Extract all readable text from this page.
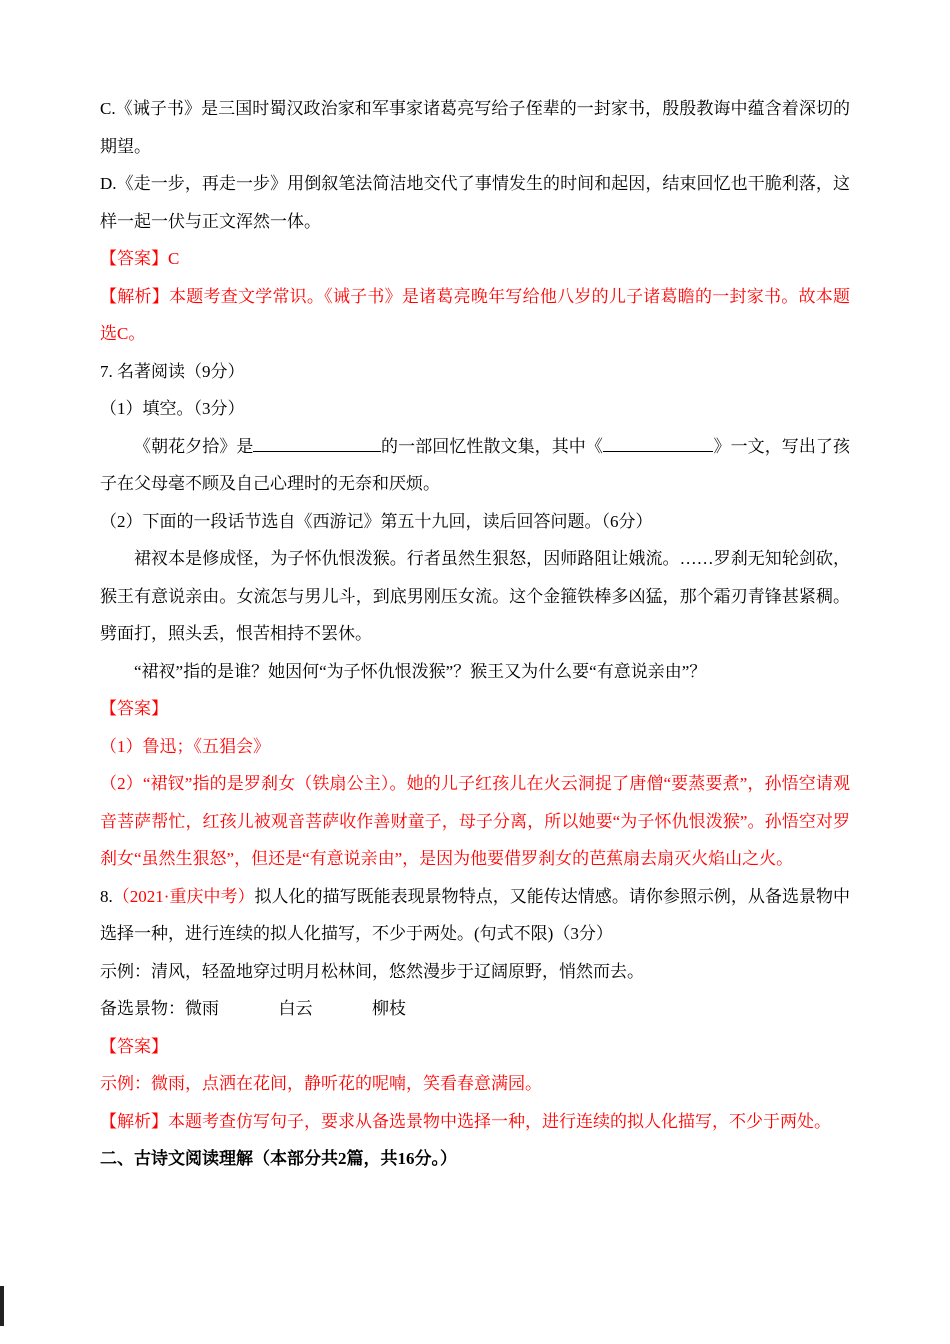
C.《诫子书》是三国时蜀汉政治家和军事家诸葛亮写给子侄辈的一封家书，殷殷教诲中蕴含着深切的期望。

D.《走一步，再走一步》用倒叙笔法简洁地交代了事情发生的时间和起因，结束回忆也干脆利落，这样一起一伏与正文浑然一体。

【答案】C

【解析】本题考查文学常识。《诫子书》是诸葛亮晚年写给他八岁的儿子诸葛瞻的一封家书。故本题选C。

7. 名著阅读（9分）

（1）填空。（3分）

《朝花夕拾》是	的一部回忆性散文集，其中《	》一文，写出了孩子在父母毫不顾及自己心理时的无奈和厌烦。

（2）下面的一段话节选自《西游记》第五十九回，读后回答问题。（6分）

裙衩本是修成怪，为子怀仇恨泼猴。行者虽然生狠怒，因师路阻让娥流。……罗刹无知轮剑砍，猴王有意说亲由。女流怎与男儿斗，到底男刚压女流。这个金箍铁棒多凶猛，那个霜刃青锋甚紧稠。劈面打，照头丢，恨苦相持不罢休。

“裙衩”指的是谁？她因何“为子怀仇恨泼猴”？猴王又为什么要“有意说亲由”？

【答案】

（1）鲁迅；《五猖会》

（2）“裙钗”指的是罗刹女（铁扇公主）。她的儿子红孩儿在火云洞捉了唐僧“要蒸要煮”，孙悟空请观音菩萨帮忙，红孩儿被观音菩萨收作善财童子，母子分离，所以她要“为子怀仇恨泼猴”。孙悟空对罗刹女“虽然生狠怒”，但还是“有意说亲由”，是因为他要借罗刹女的芭蕉扇去扇灭火焰山之火。

8.（2021·重庆中考）拟人化的描写既能表现景物特点，又能传达情感。请你参照示例，从备选景物中选择一种，进行连续的拟人化描写，不少于两处。(句式不限)（3分）

示例：清风，轻盈地穿过明月松林间，悠然漫步于辽阔原野，悄然而去。

备选景物：微雨	白云	柳枝

【答案】

示例：微雨，点洒在花间，静听花的呢喃，笑看春意满园。

【解析】本题考查仿写句子，要求从备选景物中选择一种，进行连续的拟人化描写，不少于两处。

二、古诗文阅读理解（本部分共2篇，共16分。）
